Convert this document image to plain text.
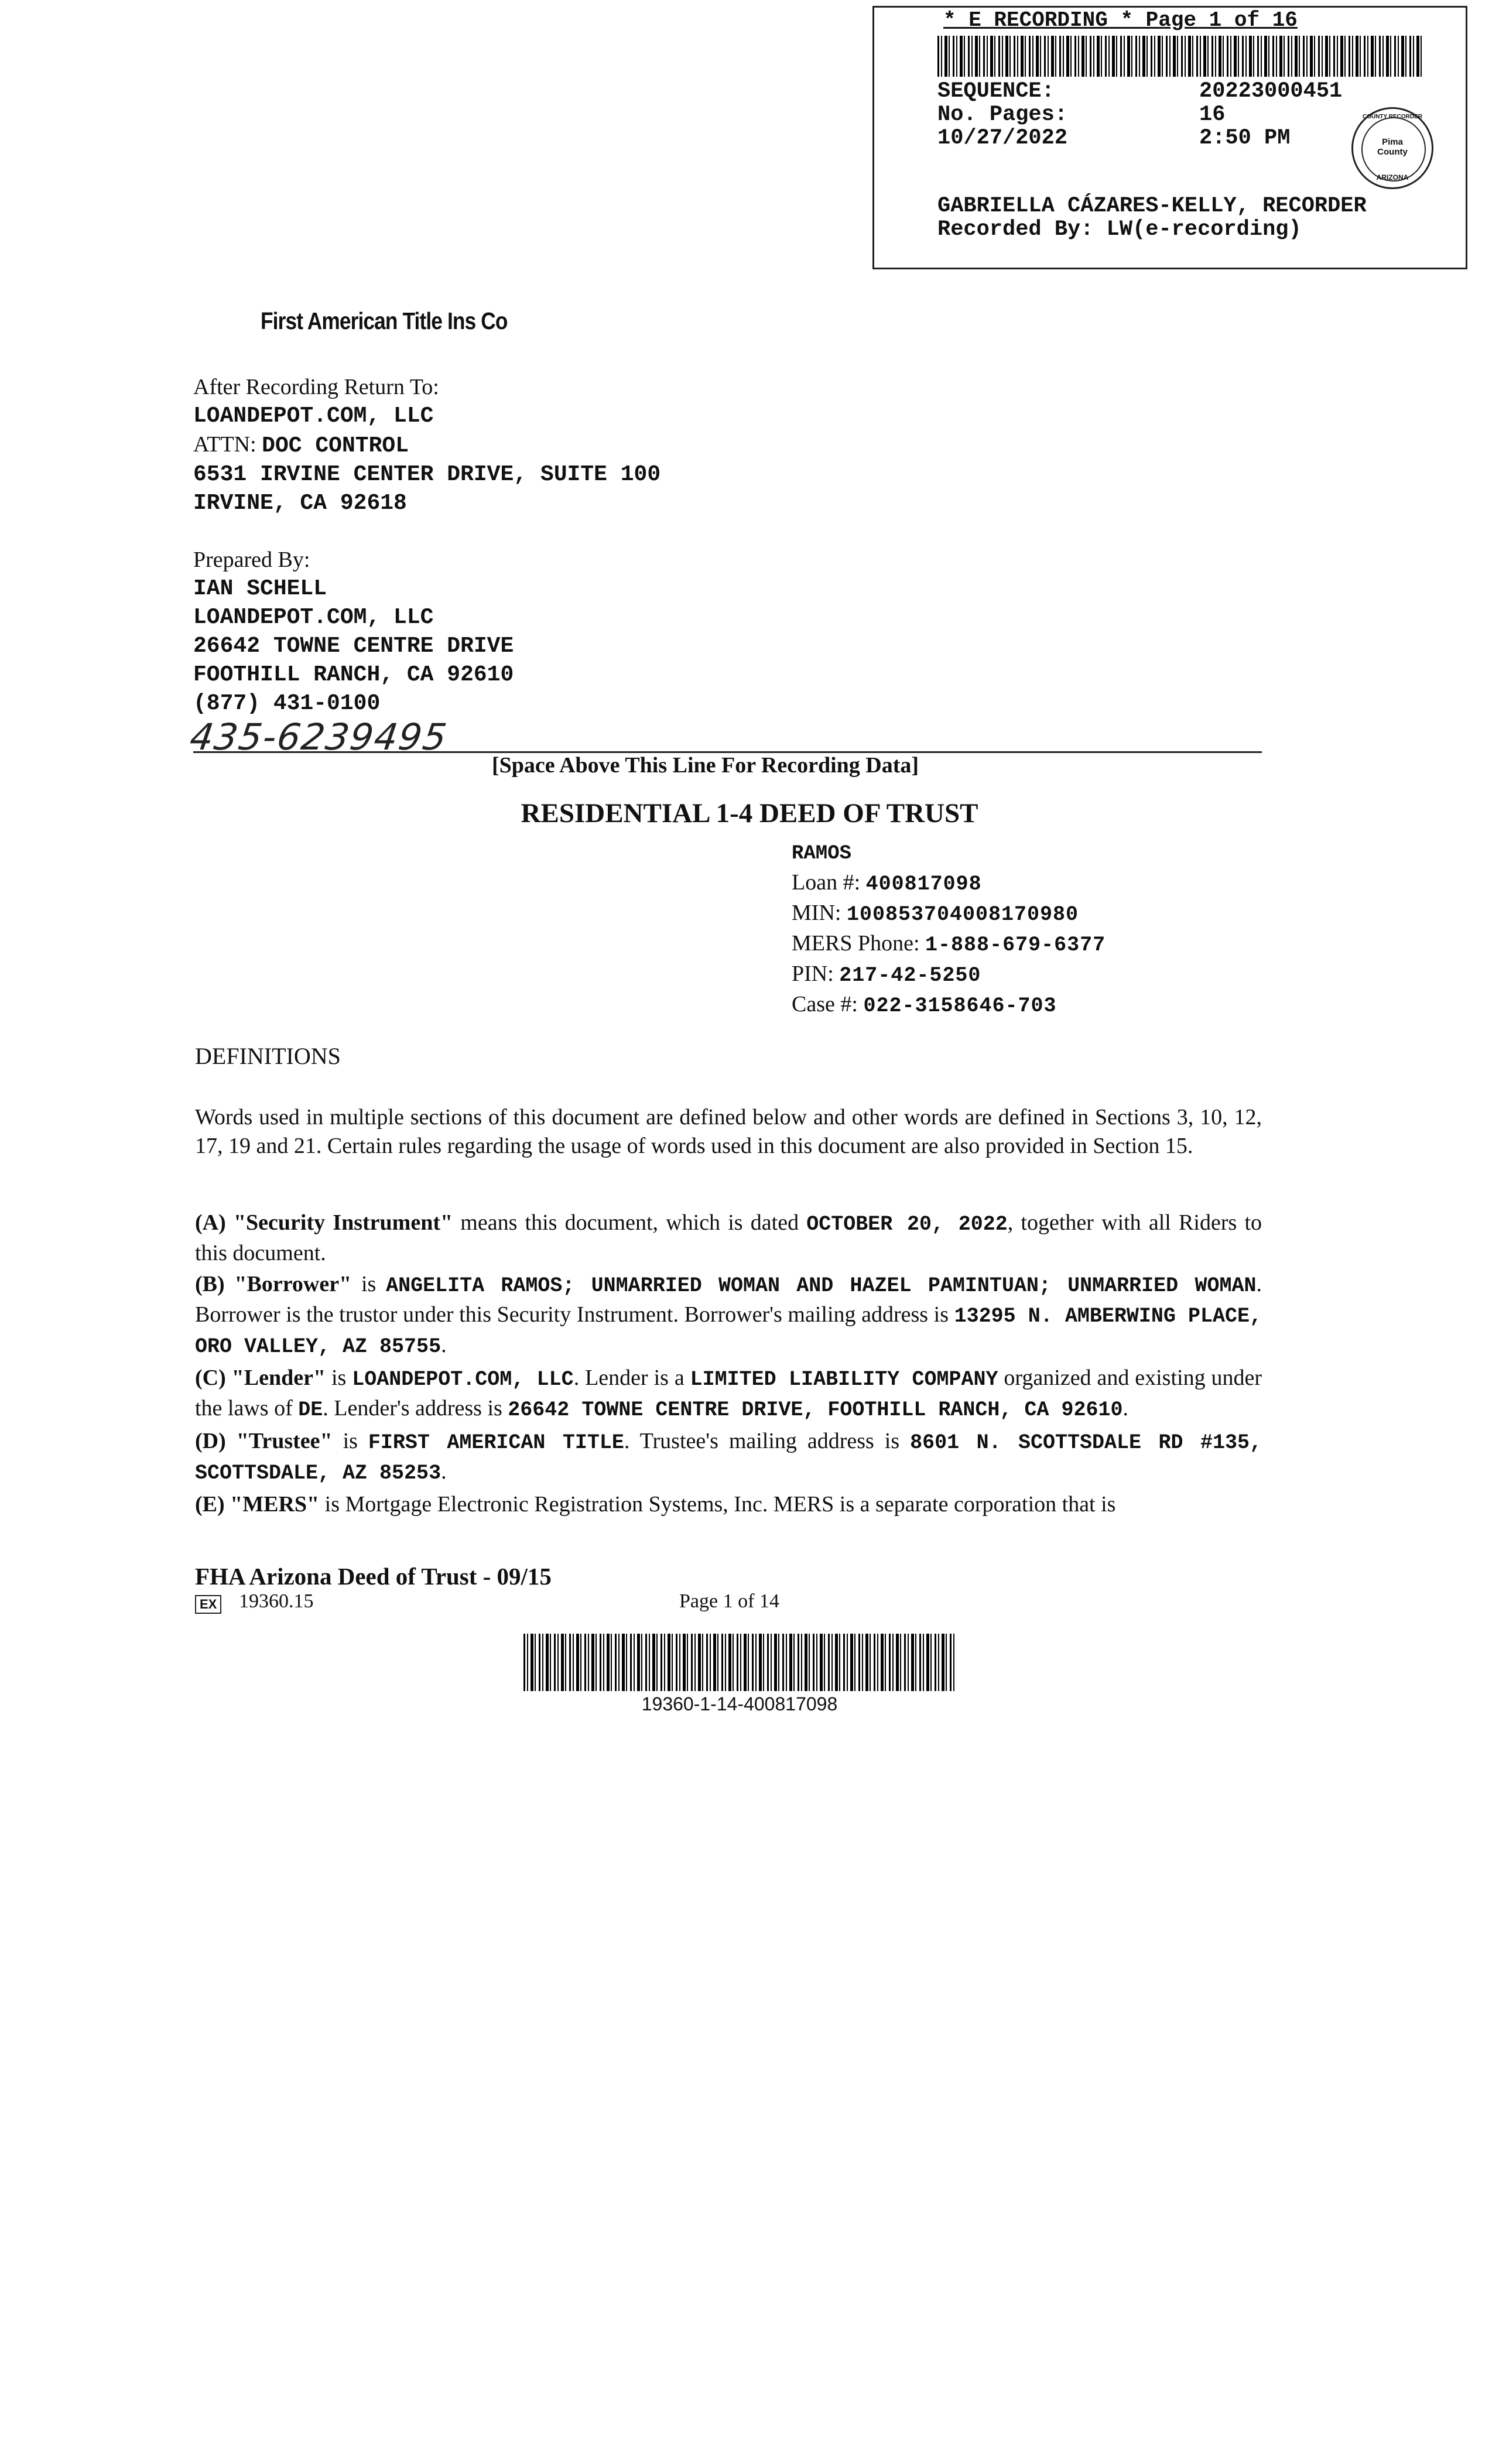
* E RECORDING * Page 1 of 16
SEQUENCE:	20223000451
No. Pages:	16
10/27/2022	2:50 PM
COUNTY RECORDER
Pima County
ARIZONA
GABRIELLA CÁZARES-KELLY, RECORDER
Recorded By: LW(e-recording)
First American Title Ins Co
After Recording Return To:
LOANDEPOT.COM, LLC
ATTN: DOC CONTROL
6531 IRVINE CENTER DRIVE, SUITE 100
IRVINE, CA 92618
Prepared By:
IAN SCHELL
LOANDEPOT.COM, LLC
26642 TOWNE CENTRE DRIVE
FOOTHILL RANCH, CA 92610
(877) 431-0100
435-6239495
[Space Above This Line For Recording Data]
RESIDENTIAL 1-4 DEED OF TRUST
RAMOS
Loan #: 400817098
MIN: 100853704008170980
MERS Phone: 1-888-679-6377
PIN: 217-42-5250
Case #: 022-3158646-703
DEFINITIONS
Words used in multiple sections of this document are defined below and other words are defined in Sections 3, 10, 12, 17, 19 and 21. Certain rules regarding the usage of words used in this document are also provided in Section 15.
(A) "Security Instrument" means this document, which is dated OCTOBER 20, 2022, together with all Riders to this document.
(B) "Borrower" is ANGELITA RAMOS; UNMARRIED WOMAN AND HAZEL PAMINTUAN; UNMARRIED WOMAN. Borrower is the trustor under this Security Instrument. Borrower's mailing address is 13295 N. AMBERWING PLACE, ORO VALLEY, AZ 85755.
(C) "Lender" is LOANDEPOT.COM, LLC. Lender is a LIMITED LIABILITY COMPANY organized and existing under the laws of DE. Lender's address is 26642 TOWNE CENTRE DRIVE, FOOTHILL RANCH, CA 92610.
(D) "Trustee" is FIRST AMERICAN TITLE. Trustee's mailing address is 8601 N. SCOTTSDALE RD #135, SCOTTSDALE, AZ 85253.
(E) "MERS" is Mortgage Electronic Registration Systems, Inc. MERS is a separate corporation that is
FHA Arizona Deed of Trust - 09/15
EX 19360.15	Page 1 of 14
19360-1-14-400817098
